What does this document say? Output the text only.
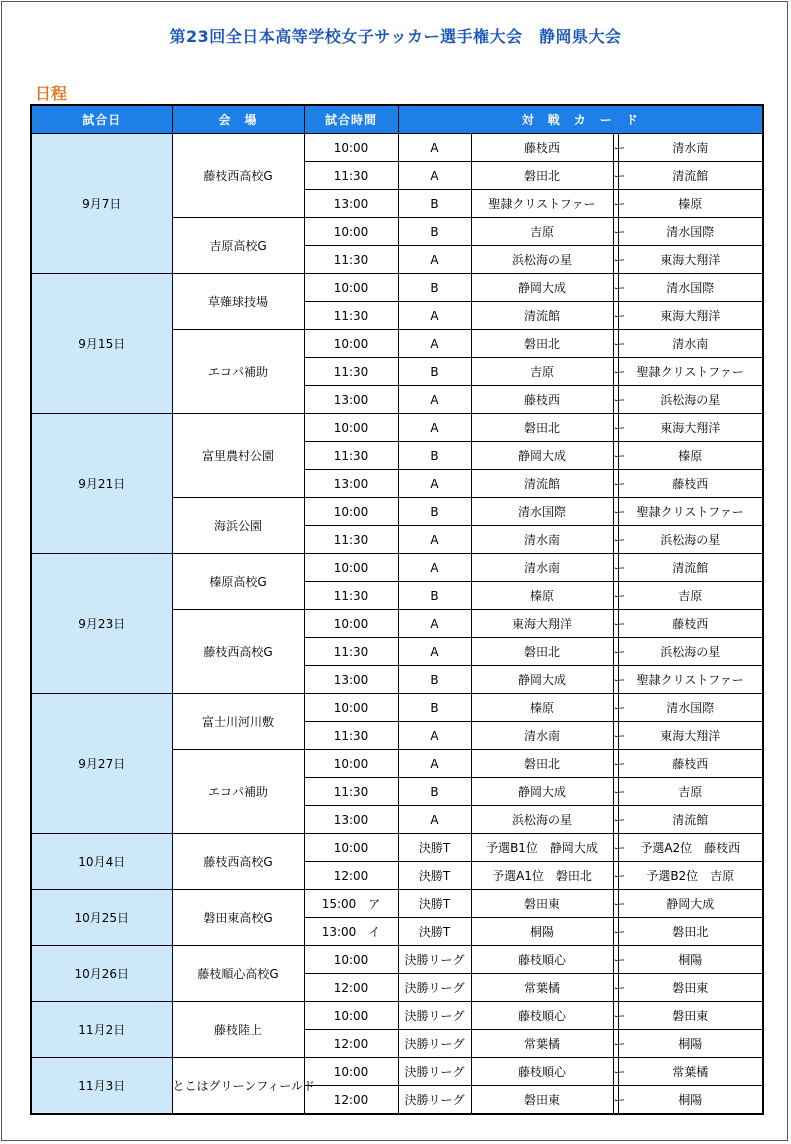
第23回全日本高等学校女子サッカー選手権大会　静岡県大会
日程
試合日	会　場	試合時間	対　戦　カ　ー　ド			
9月7日	藤枝西高校G	10:00	A	藤枝西	ー	清水南
		11:30	A	磐田北	ー	清流館
		13:00	B	聖隷クリストファー	ー	榛原
	吉原高校G	10:00	B	吉原	ー	清水国際
		11:30	A	浜松海の星	ー	東海大翔洋
9月15日	草薙球技場	10:00	B	静岡大成	ー	清水国際
		11:30	A	清流館	ー	東海大翔洋
	エコパ補助	10:00	A	磐田北	ー	清水南
		11:30	B	吉原	ー	聖隷クリストファー
		13:00	A	藤枝西	ー	浜松海の星
9月21日	富里農村公園	10:00	A	磐田北	ー	東海大翔洋
		11:30	B	静岡大成	ー	榛原
		13:00	A	清流館	ー	藤枝西
	海浜公園	10:00	B	清水国際	ー	聖隷クリストファー
		11:30	A	清水南	ー	浜松海の星
9月23日	榛原高校G	10:00	A	清水南	ー	清流館
		11:30	B	榛原	ー	吉原
	藤枝西高校G	10:00	A	東海大翔洋	ー	藤枝西
		11:30	A	磐田北	ー	浜松海の星
		13:00	B	静岡大成	ー	聖隷クリストファー
9月27日	富士川河川敷	10:00	B	榛原	ー	清水国際
		11:30	A	清水南	ー	東海大翔洋
	エコパ補助	10:00	A	磐田北	ー	藤枝西
		11:30	B	静岡大成	ー	吉原
		13:00	A	浜松海の星	ー	清流館
10月4日	藤枝西高校G	10:00	決勝T	予選B1位　静岡大成	ー	予選A2位　藤枝西
		12:00	決勝T	予選A1位　磐田北	ー	予選B2位　吉原
10月25日	磐田東高校G	15:00　ア	決勝T	磐田東	ー	静岡大成
		13:00　イ	決勝T	桐陽	ー	磐田北
10月26日	藤枝順心高校G	10:00	決勝リーグ	藤枝順心	ー	桐陽
		12:00	決勝リーグ	常葉橘	ー	磐田東
11月2日	藤枝陸上	10:00	決勝リーグ	藤枝順心	ー	磐田東
		12:00	決勝リーグ	常葉橘	ー	桐陽
11月3日	とこはグリーンフィールド	10:00	決勝リーグ	藤枝順心	ー	常葉橘
		12:00	決勝リーグ	磐田東	ー	桐陽
